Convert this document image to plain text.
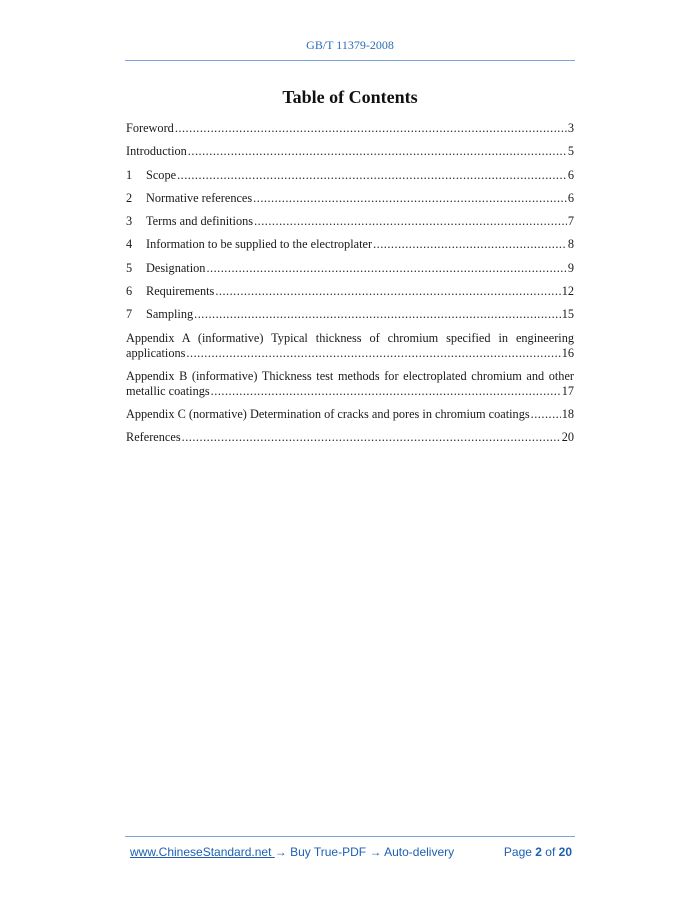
GB/T 11379-2008
Table of Contents
Foreword .....	3
Introduction .....	5
1	Scope .....	6
2	Normative references .....	6
3	Terms and definitions .....	7
4	Information to be supplied to the electroplater .....	8
5	Designation .....	9
6	Requirements .....	12
7	Sampling .....	15
Appendix A (informative) Typical thickness of chromium specified in engineering
applications .....	16
Appendix B (informative) Thickness test methods for electroplated chromium and other
metallic coatings .....	17
Appendix C (normative) Determination of cracks and pores in chromium coatings .....	18
References .....	20
www.ChineseStandard.net → Buy True-PDF → Auto-delivery	Page 2 of 20
